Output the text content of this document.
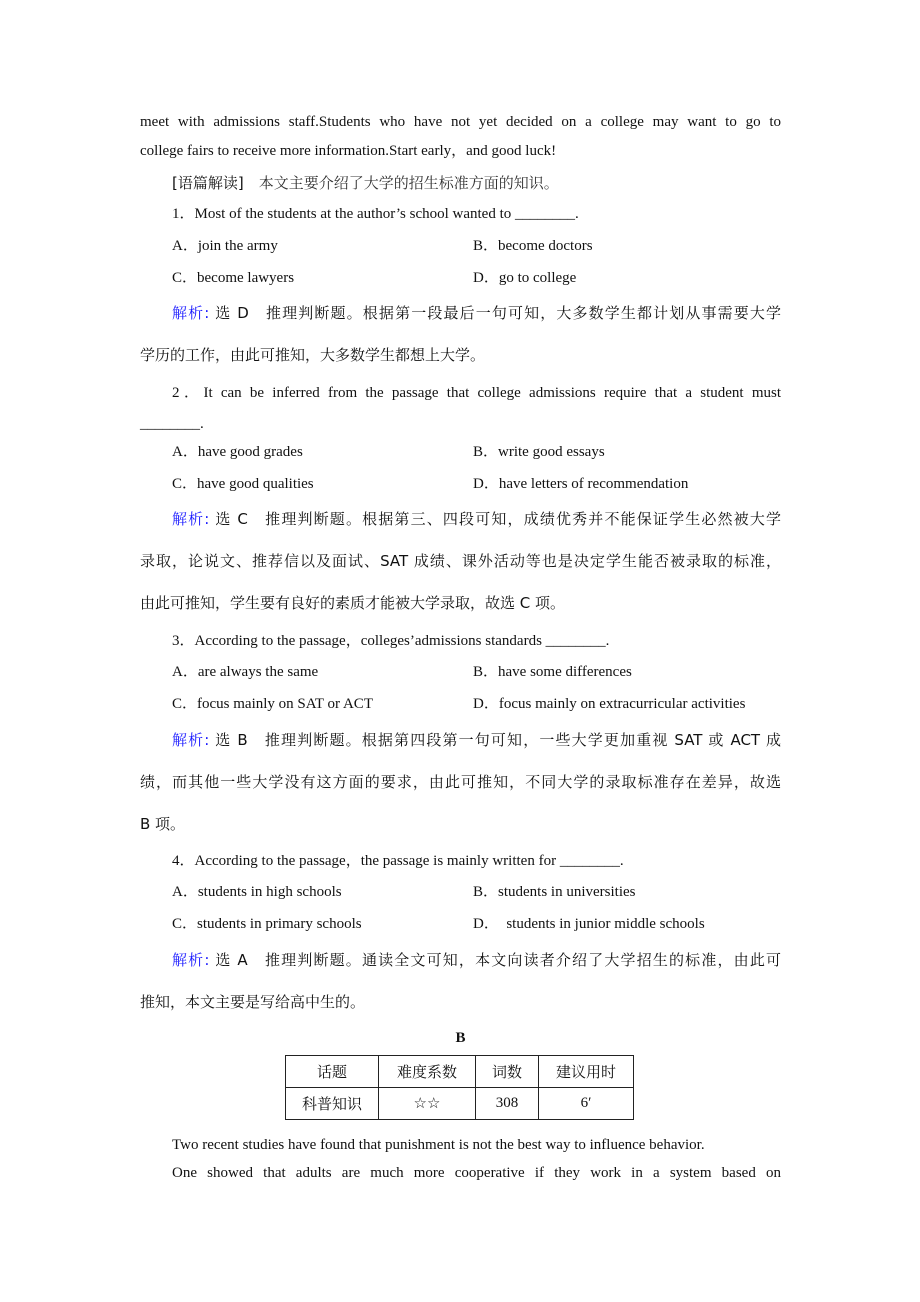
meet with admissions staff.Students who have not yet decided on a college may want to go to
college fairs to receive more information.Start early，and good luck!
[语篇解读]　 本文主要介绍了大学的招生标准方面的知识。
1．Most of the students at the author’s school wanted to ________.
A．join the army	B．become doctors
C．become lawyers	D．go to college
解析: 选 D　推理判断题。根据第一段最后一句可知，大多数学生都计划从事需要大学
学历的工作，由此可推知，大多数学生都想上大学。
2．It can be inferred from the passage that college admissions require that a student must
________.
A．have good grades	B．write good essays
C．have good qualities	D．have letters of recommendation
解析: 选 C　推理判断题。根据第三、四段可知，成绩优秀并不能保证学生必然被大学
录取，论说文、推荐信以及面试、SAT 成绩、课外活动等也是决定学生能否被录取的标准，
由此可推知，学生要有良好的素质才能被大学录取，故选 C 项。
3．According to the passage，colleges’admissions standards ________.
A．are always the same	B．have some differences
C．focus mainly on SAT or ACT	D．focus mainly on extracurricular activities
解析: 选 B　推理判断题。根据第四段第一句可知，一些大学更加重视 SAT 或 ACT 成
绩，而其他一些大学没有这方面的要求，由此可推知，不同大学的录取标准存在差异，故选
B 项。
4．According to the passage，the passage is mainly written for ________.
A．students in high schools	B．students in universities
C．students in primary schools	D．　students in junior middle schools
解析: 选 A　推理判断题。通读全文可知，本文向读者介绍了大学招生的标准，由此可
推知，本文主要是写给高中生的。
B
话题	难度系数	词数	建议用时
科普知识	☆☆	308	6′
Two recent studies have found that punishment is not the best way to influence behavior.
One showed that adults are much more cooperative if they work in a system based on
